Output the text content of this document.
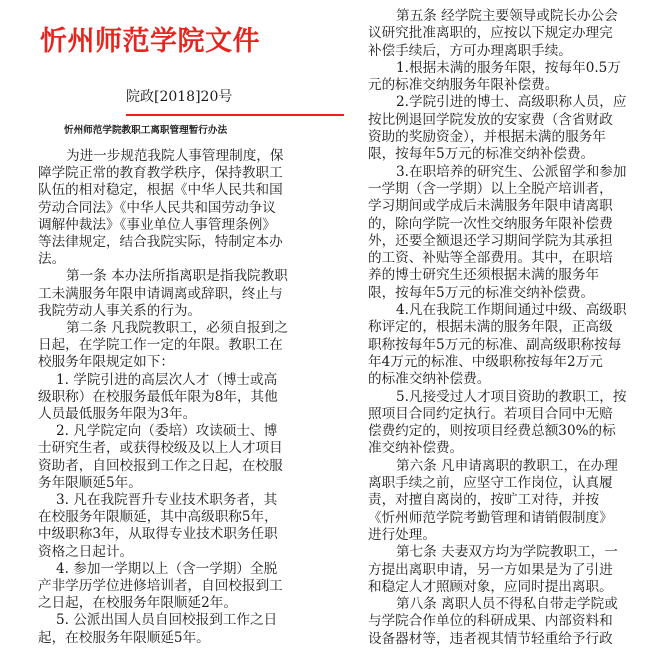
忻州师范学院文件
院政[2018]20号
忻州师范学院教职工离职管理暂行办法

为进一步规范我院人事管理制度，保
障学院正常的教育教学秩序，保持教职工
队伍的相对稳定，根据《中华人民共和国
劳动合同法》《中华人民共和国劳动争议
调解仲裁法》《事业单位人事管理条例》
等法律规定，结合我院实际，特制定本办
法。

第一条 本办法所指离职是指我院教职
工未满服务年限申请调离或辞职，终止与
我院劳动人事关系的行为。

第二条 凡我院教职工，必须自报到之
日起，在学院工作一定的年限。教职工在
校服务年限规定如下：

1. 学院引进的高层次人才（博士或高
级职称）在校服务最低年限为8年，其他
人员最低服务年限为3年。

2. 凡学院定向（委培）攻读硕士、博
士研究生者，或获得校级及以上人才项目
资助者，自回校报到工作之日起，在校服
务年限顺延5年。

3. 凡在我院晋升专业技术职务者，其
在校服务年限顺延，其中高级职称5年，
中级职称3年，从取得专业技术职务任职
资格之日起计。

4. 参加一学期以上（含一学期）全脱
产非学历学位进修培训者，自回校报到工
之日起，在校服务年限顺延2年。

5. 公派出国人员自回校报到工作之日
起，在校服务年限顺延5年。

第五条 经学院主要领导或院长办公会
议研究批准离职的，应按以下规定办理完
补偿手续后，方可办理离职手续。

1.根据未满的服务年限，按每年0.5万
元的标准交纳服务年限补偿费。

2.学院引进的博士、高级职称人员，应
按比例退回学院发放的安家费（含省财政
资助的奖励资金），并根据未满的服务年
限，按每年5万元的标准交纳补偿费。

3.在职培养的研究生、公派留学和参加
一学期（含一学期）以上全脱产培训者，
学习期间或学成后未满服务年限申请离职
的，除向学院一次性交纳服务年限补偿费
外，还要全额退还学习期间学院为其承担
的工资、补贴等全部费用。其中，在职培
养的博士研究生还须根据未满的服务年
限，按每年5万元的标准交纳补偿费。

4.凡在我院工作期间通过中级、高级职
称评定的，根据未满的服务年限，正高级
职称按每年5万元的标准、副高级职称按每
年4万元的标准、中级职称按每年2万元
的标准交纳补偿费。

5.凡接受过人才项目资助的教职工，按
照项目合同约定执行。若项目合同中无赔
偿费约定的，则按项目经费总额30%的标
准交纳补偿费。

第六条 凡申请离职的教职工，在办理
离职手续之前，应坚守工作岗位，认真履
责，对擅自离岗的，按旷工对待，并按
《忻州师范学院考勤管理和请销假制度》
进行处理。

第七条 夫妻双方均为学院教职工，一
方提出离职申请，另一方如果是为了引进
和稳定人才照顾对象，应同时提出离职。

第八条 离职人员不得私自带走学院或
与学院合作单位的科研成果、内部资料和
设备器材等，违者视其情节轻重给予行政
